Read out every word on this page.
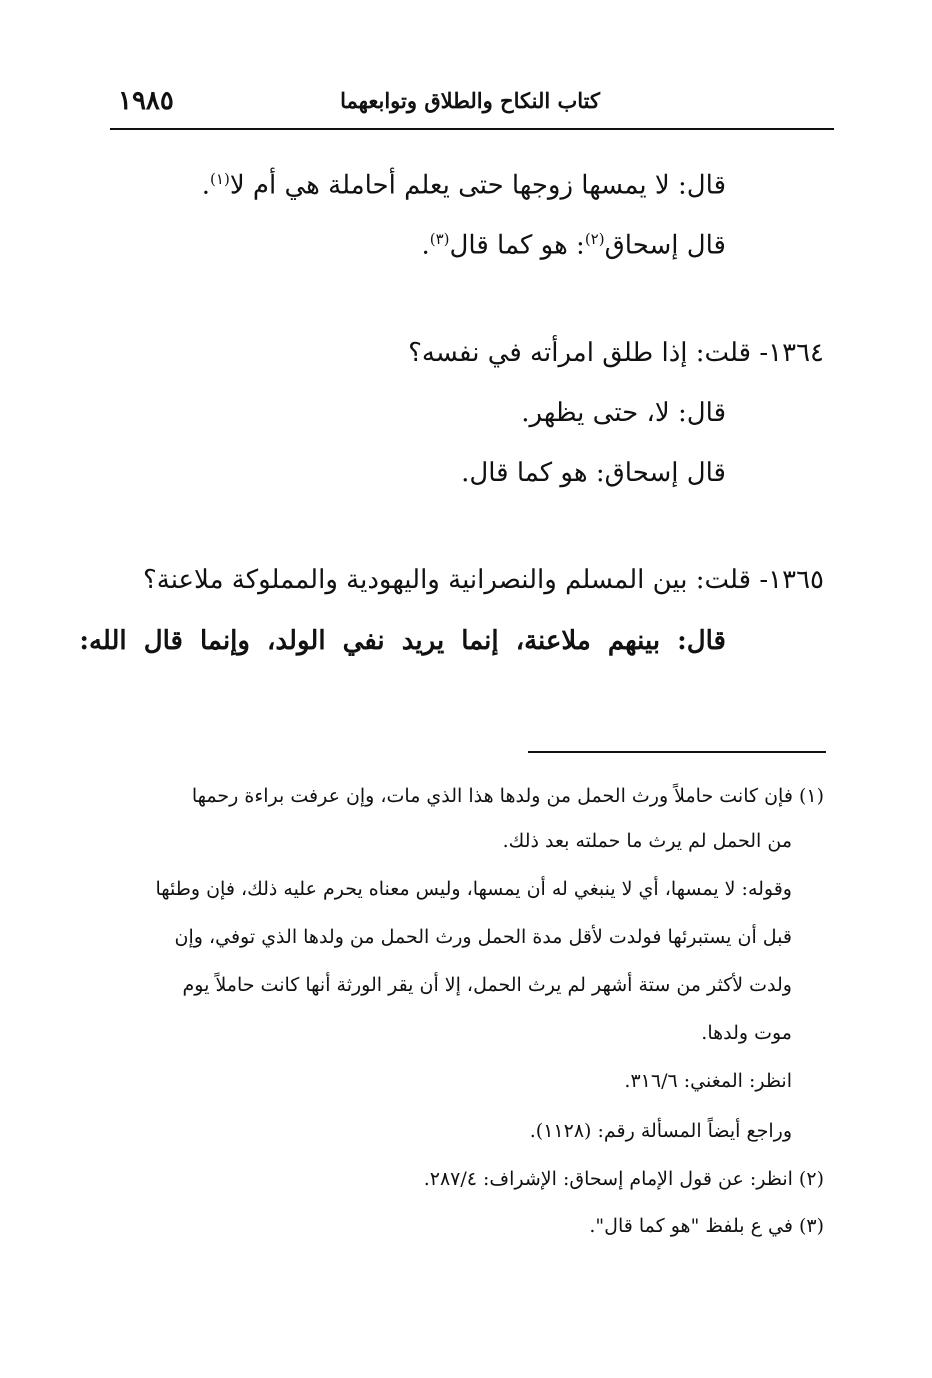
كتاب النكاح والطلاق وتوابعهما
١٩٨٥
قال: لا يمسها زوجها حتى يعلم أحاملة هي أم لا$^{(١)}$.
قال إسحاق$^{(٢)}$: هو كما قال$^{(٣)}$.
١٣٦٤- قلت: إذا طلق امرأته في نفسه؟
قال: لا، حتى يظهر.
قال إسحاق: هو كما قال.
١٣٦٥- قلت: بين المسلم والنصرانية واليهودية والمملوكة ملاعنة؟
قال: بينهم ملاعنة، إنما يريد نفي الولد، وإنما قال الله:
(١) فإن كانت حاملاً ورث الحمل من ولدها هذا الذي مات، وإن عرفت براءة رحمها
من الحمل لم يرث ما حملته بعد ذلك.
وقوله: لا يمسها، أي لا ينبغي له أن يمسها، وليس معناه يحرم عليه ذلك، فإن وطئها
قبل أن يستبرئها فولدت لأقل مدة الحمل ورث الحمل من ولدها الذي توفي، وإن
ولدت لأكثر من ستة أشهر لم يرث الحمل، إلا أن يقر الورثة أنها كانت حاملاً يوم
موت ولدها.
انظر: المغني: ٣١٦/٦.
وراجع أيضاً المسألة رقم: (١١٢٨).
(٢) انظر: عن قول الإمام إسحاق: الإشراف: ٢٨٧/٤.
(٣) في ع بلفظ "هو كما قال".
